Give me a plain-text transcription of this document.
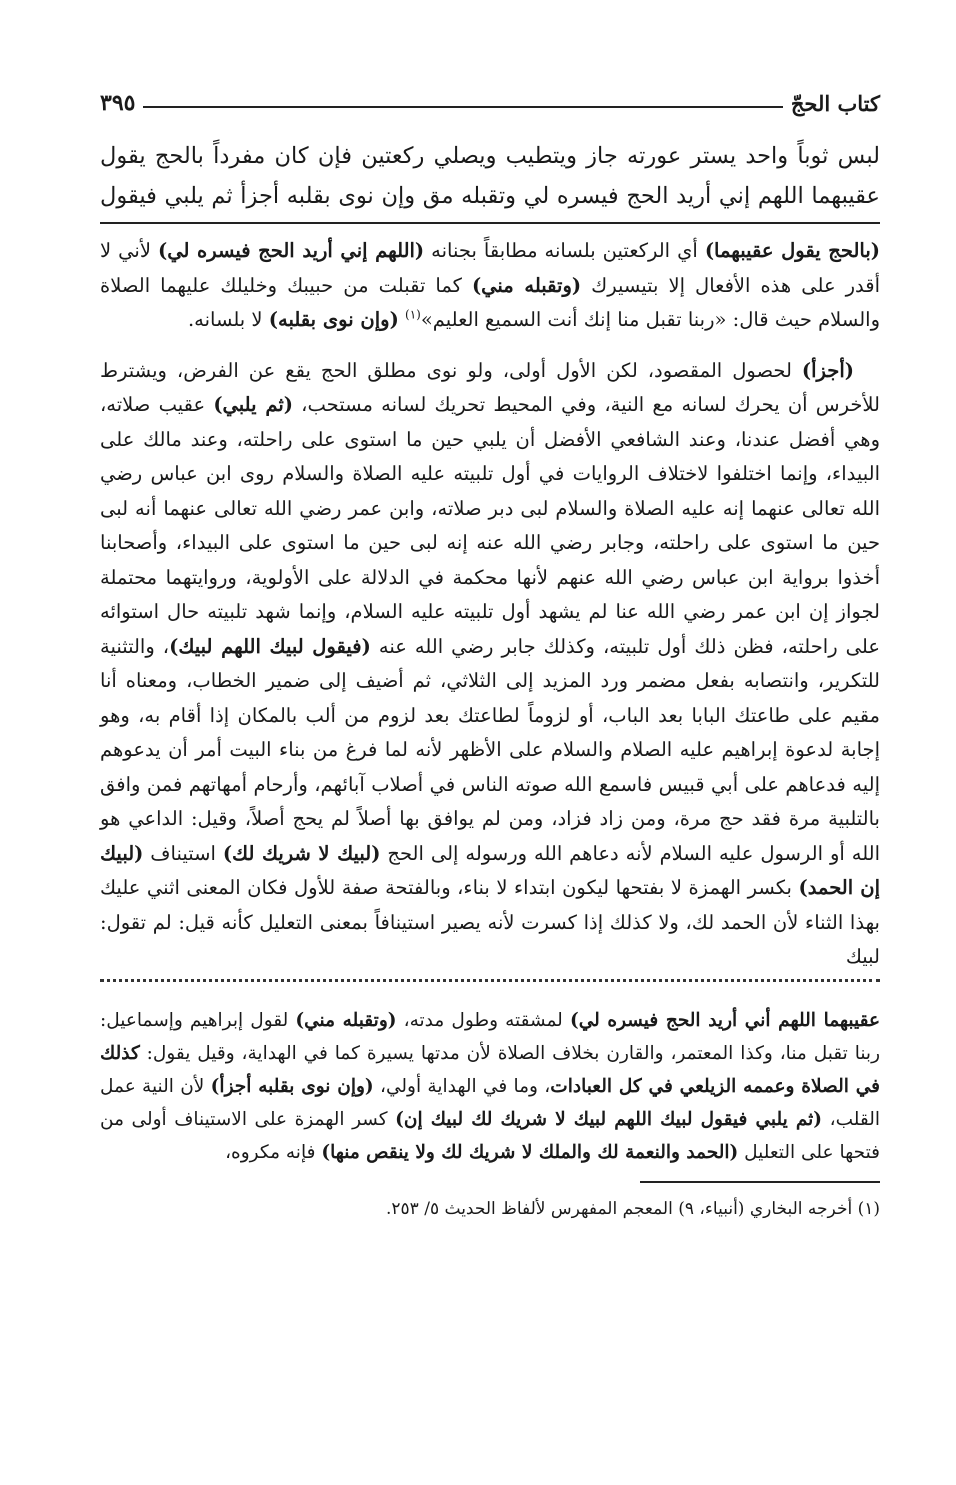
كتاب الحجّ
٣٩٥
لبس ثوباً واحد يستر عورته جاز ويتطيب ويصلي ركعتين فإن كان مفرداً بالحج يقول عقيبهما اللهم إني أريد الحج فيسره لي وتقبله مق وإن نوى بقلبه أجزأ ثم يلبي فيقول

(بالحج يقول عقيبهما) أي الركعتين بلسانه مطابقاً بجنانه (اللهم إني أريد الحج فيسره لي) لأني لا أقدر على هذه الأفعال إلا بتيسيرك (وتقبله مني) كما تقبلت من حبيبك وخليلك عليهما الصلاة والسلام حيث قال: «ربنا تقبل منا إنك أنت السميع العليم»$^{(١)}$ (وإن نوى بقلبه) لا بلسانه.

(أجزأ) لحصول المقصود، لكن الأول أولى، ولو نوى مطلق الحج يقع عن الفرض، ويشترط للأخرس أن يحرك لسانه مع النية، وفي المحيط تحريك لسانه مستحب، (ثم يلبي) عقيب صلاته، وهي أفضل عندنا، وعند الشافعي الأفضل أن يلبي حين ما استوى على راحلته، وعند مالك على البيداء، وإنما اختلفوا لاختلاف الروايات في أول تلبيته عليه الصلاة والسلام روى ابن عباس رضي الله تعالى عنهما إنه عليه الصلاة والسلام لبى دبر صلاته، وابن عمر رضي الله تعالى عنهما أنه لبى حين ما استوى على راحلته، وجابر رضي الله عنه إنه لبى حين ما استوى على البيداء، وأصحابنا أخذوا برواية ابن عباس رضي الله عنهم لأنها محكمة في الدلالة على الأولوية، وروايتهما محتملة لجواز إن ابن عمر رضي الله عنا لم يشهد أول تلبيته عليه السلام، وإنما شهد تلبيته حال استوائه على راحلته، فظن ذلك أول تلبيته، وكذلك جابر رضي الله عنه (فيقول لبيك اللهم لبيك)، والتثنية للتكرير، وانتصابه بفعل مضمر ورد المزيد إلى الثلاثي، ثم أضيف إلى ضمير الخطاب، ومعناه أنا مقيم على طاعتك البابا بعد الباب، أو لزوماً لطاعتك بعد لزوم من ألب بالمكان إذا أقام به، وهو إجابة لدعوة إبراهيم عليه الصلام والسلام على الأظهر لأنه لما فرغ من بناء البيت أمر أن يدعوهم إليه فدعاهم على أبي قبيس فاسمع الله صوته الناس في أصلاب آبائهم، وأرحام أمهاتهم فمن وافق بالتلبية مرة فقد حج مرة، ومن زاد فزاد، ومن لم يوافق بها أصلاً لم يحج أصلاً، وقيل: الداعي هو الله أو الرسول عليه السلام لأنه دعاهم الله ورسوله إلى الحج (لبيك لا شريك لك) استيناف (لبيك إن الحمد) بكسر الهمزة لا بفتحها ليكون ابتداء لا بناء، وبالفتحة صفة للأول فكان المعنى اثني عليك بهذا الثناء لأن الحمد لك، ولا كذلك إذا كسرت لأنه يصير استينافاً بمعنى التعليل كأنه قيل: لم تقول: لبيك

عقيبهما اللهم أني أريد الحج فيسره لي) لمشقته وطول مدته، (وتقبله مني) لقول إبراهيم وإسماعيل: ربنا تقبل منا، وكذا المعتمر، والقارن بخلاف الصلاة لأن مدتها يسيرة كما في الهداية، وقيل يقول: كذلك في الصلاة وعممه الزيلعي في كل العبادات، وما في الهداية أولي، (وإن نوى بقلبه أجزأ) لأن النية عمل القلب، (ثم يلبي فيقول لبيك اللهم لبيك لا شريك لك لبيك إن) كسر الهمزة على الاستيناف أولى من فتحها على التعليل (الحمد والنعمة لك والملك لا شريك لك ولا ينقص منها) فإنه مكروه،
(١) أخرجه البخاري (أنبياء، ٩) المعجم المفهرس لألفاظ الحديث ٥/ ٢٥٣.
